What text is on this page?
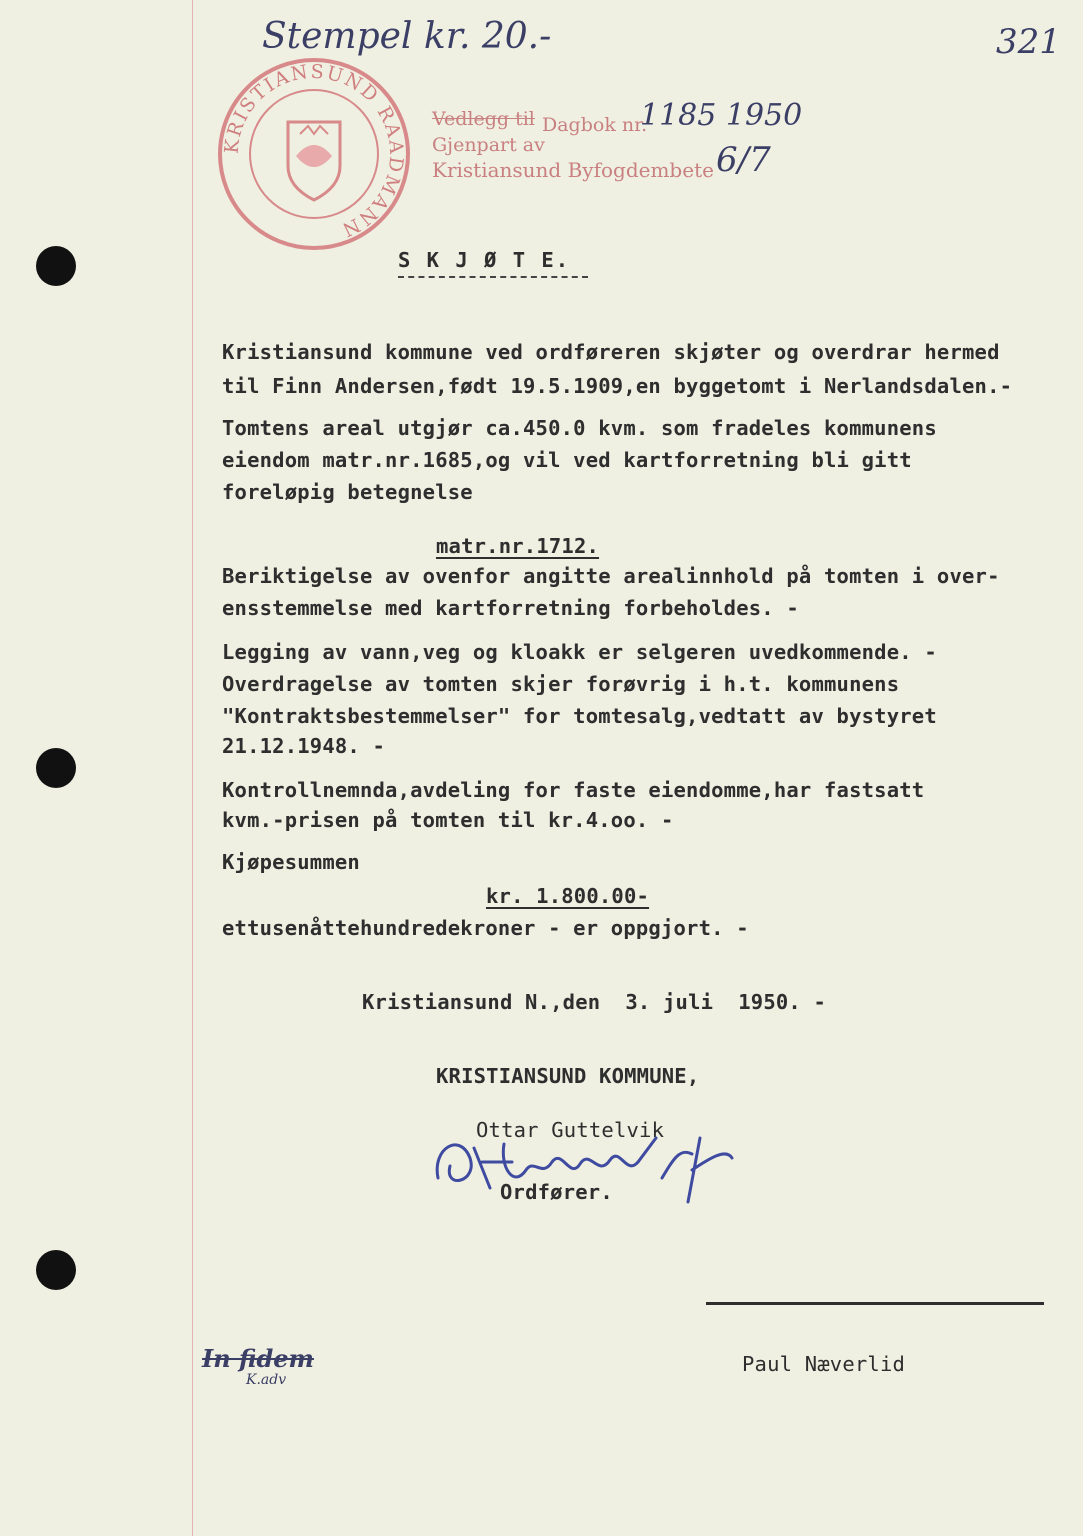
Stempel kr. 20.-	321
KRISTIANSUND RAADMANN
Vedlegg til Dagbok nr.
1185 1950
Gjenpart av
Kristiansund Byfogdembete 6/7
S K J Ø T E.
Kristiansund kommune ved ordføreren skjøter og overdrar hermed
til Finn Andersen,født 19.5.1909,en byggetomt i Nerlandsdalen.-
Tomtens areal utgjør ca.450.0 kvm. som fradeles kommunens
eiendom matr.nr.1685,og vil ved kartforretning bli gitt
foreløpig betegnelse
matr.nr.1712.
Beriktigelse av ovenfor angitte arealinnhold på tomten i over-
ensstemmelse med kartforretning forbeholdes. -
Legging av vann,veg og kloakk er selgeren uvedkommende. -
Overdragelse av tomten skjer forøvrig i h.t. kommunens
"Kontraktsbestemmelser" for tomtesalg,vedtatt av bystyret
21.12.1948. -
Kontrollnemnda,avdeling for faste eiendomme,har fastsatt
kvm.-prisen på tomten til kr.4.oo. -
Kjøpesummen
kr. 1.800.00-
ettusenåttehundredekroner - er oppgjort. -
Kristiansund N.,den  3. juli  1950. -
KRISTIANSUND KOMMUNE,
Ottar Guttelvik
Ordfører.
Paul Næverlid
In fidem
K.adv
